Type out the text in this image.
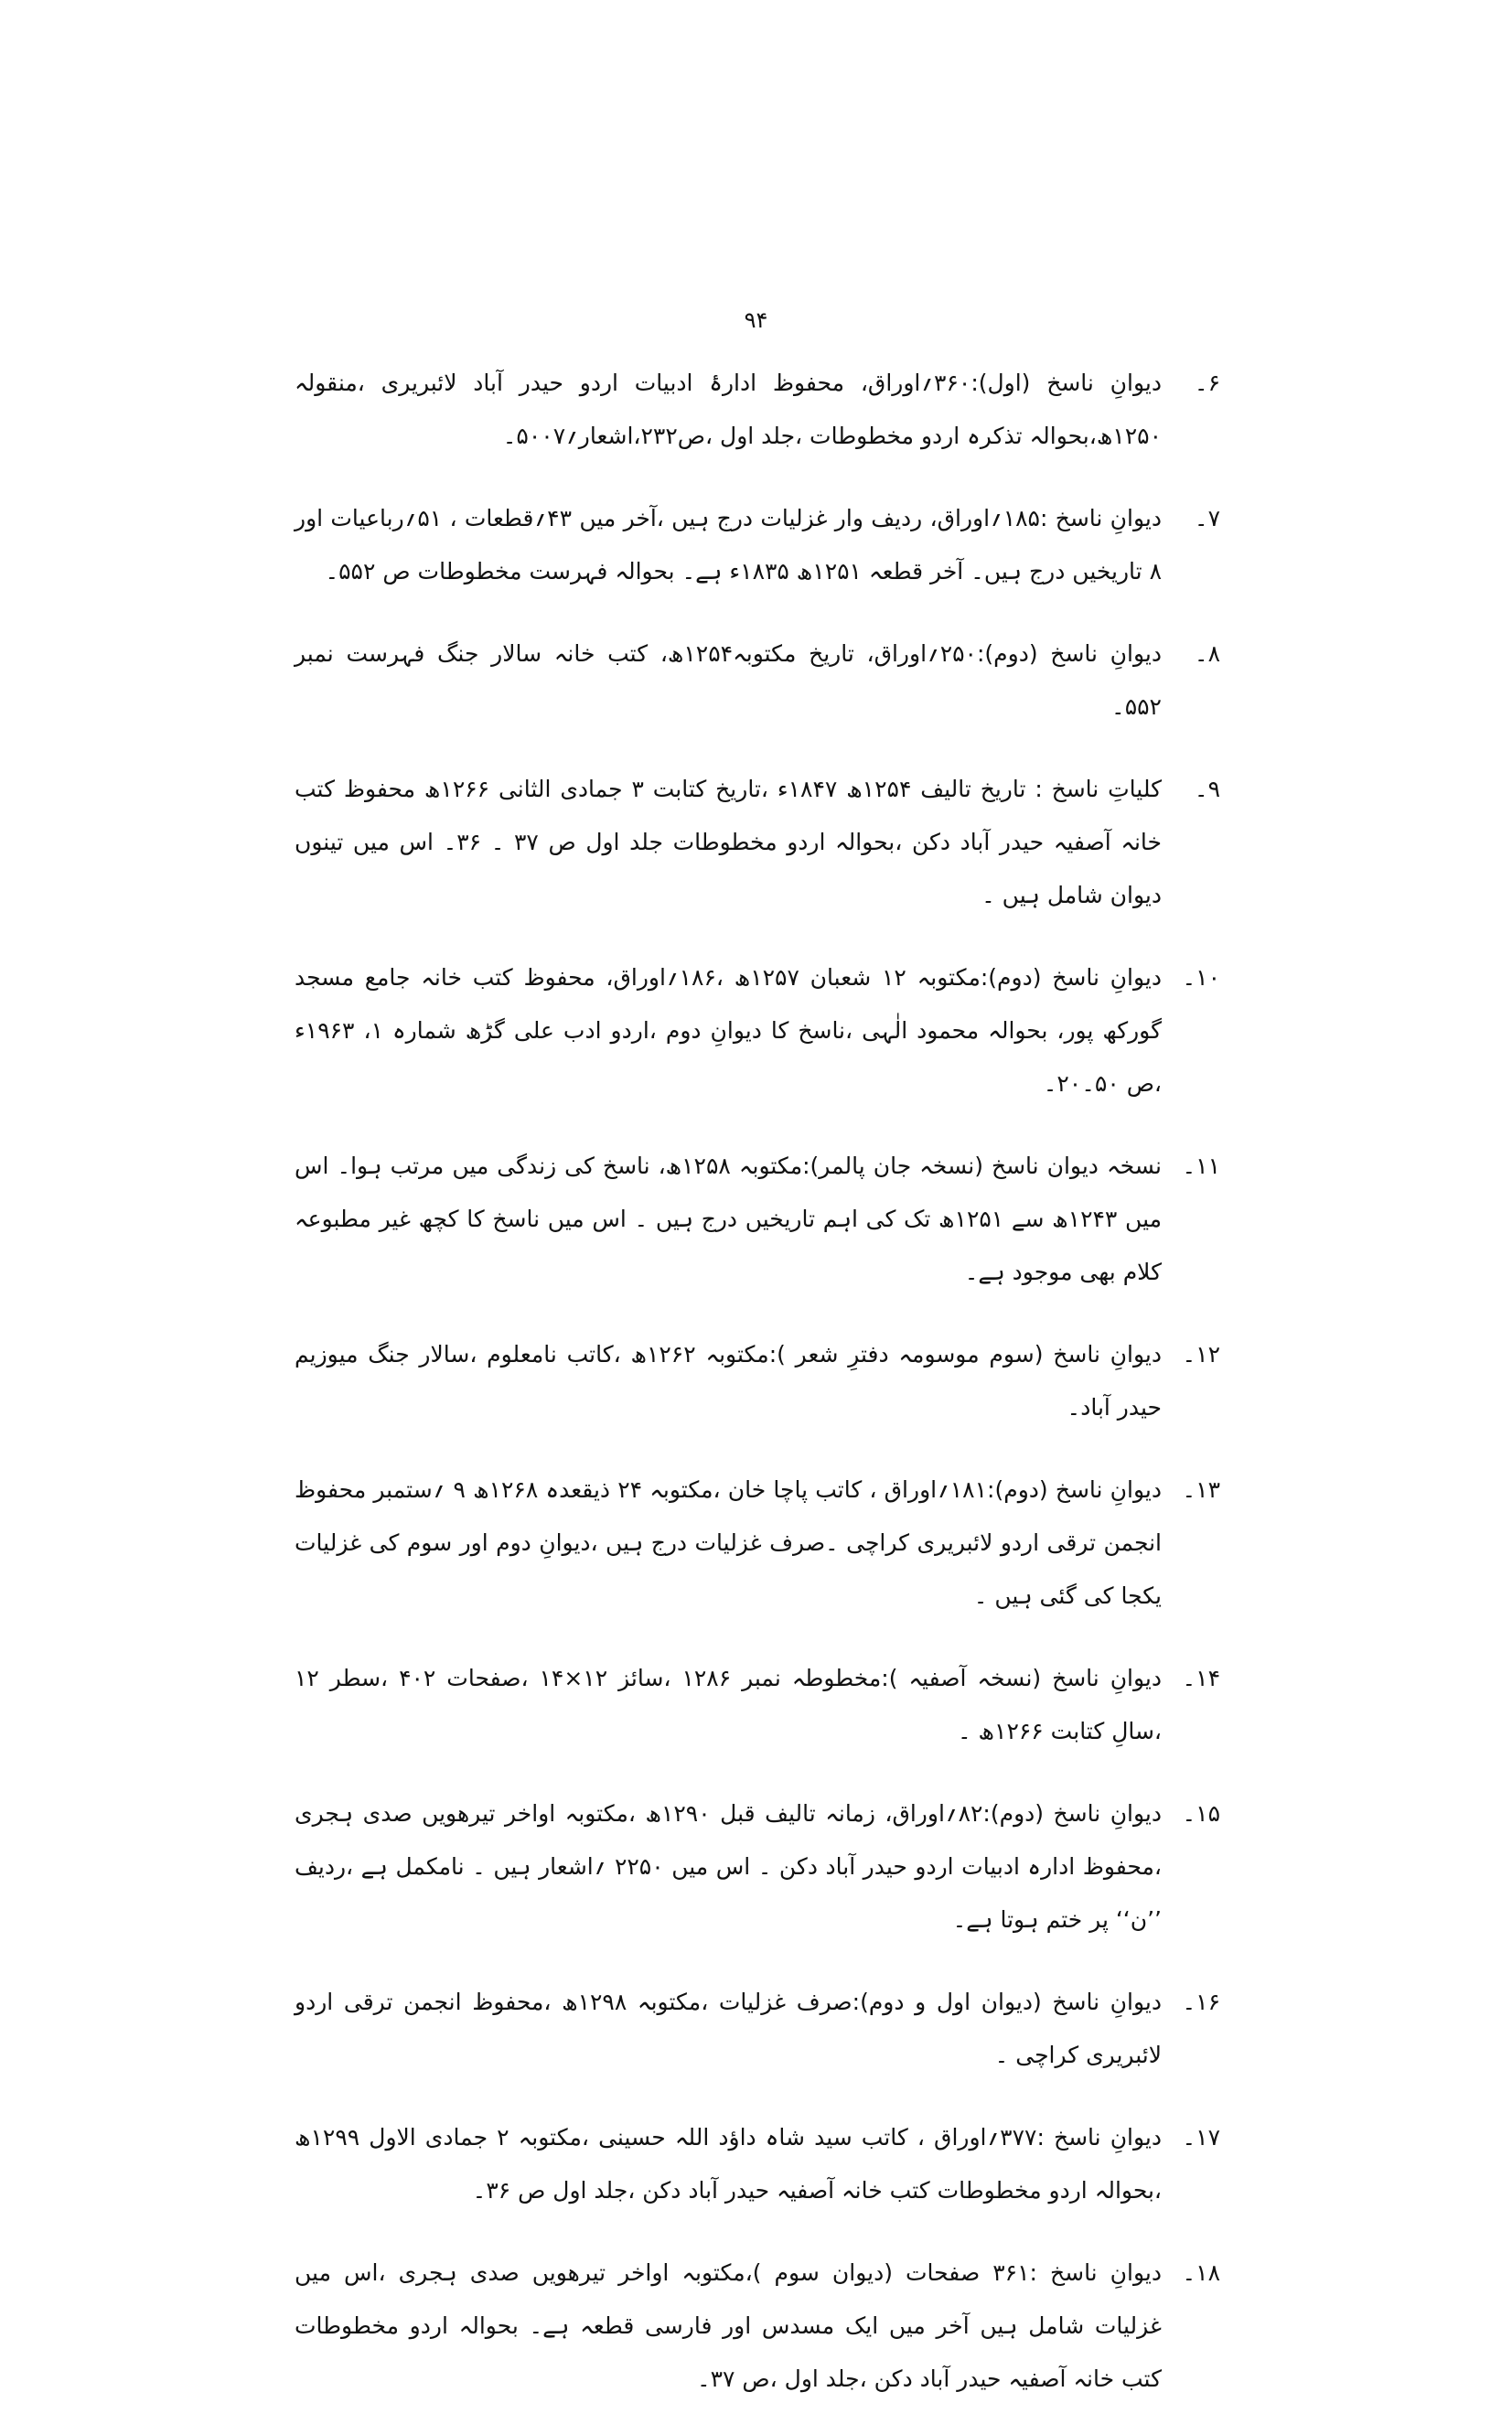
۹۴
۶۔
دیوانِ ناسخ (اول):۳۶۰؍اوراق، محفوظ ادارۂ ادبیات اردو حیدر آباد لائبریری ،منقولہ ۱۲۵۰ھ،بحوالہ تذکرہ اردو مخطوطات ،جلد اول ،ص۲۳۲،اشعار؍۵۰۰۷۔
۷۔
دیوانِ ناسخ :۱۸۵؍اوراق، ردیف وار غزلیات درج ہیں ،آخر میں ۴۳؍قطعات ، ۵۱؍رباعیات اور ۸ تاریخیں درج ہیں۔ آخر قطعہ ۱۲۵۱ھ ۱۸۳۵ء ہے۔ بحوالہ فہرست مخطوطات ص ۵۵۲۔
۸۔
دیوانِ ناسخ (دوم):۲۵۰؍اوراق، تاریخ مکتوبہ۱۲۵۴ھ، کتب خانہ سالار جنگ فہرست نمبر ۵۵۲۔
۹۔
کلیاتِ ناسخ : تاریخ تالیف ۱۲۵۴ھ ۱۸۴۷ء ،تاریخ کتابت ۳ جمادی الثانی ۱۲۶۶ھ محفوظ کتب خانہ آصفیہ حیدر آباد دکن ،بحوالہ اردو مخطوطات جلد اول ص ۳۷ ۔ ۳۶۔ اس میں تینوں دیوان شامل ہیں ۔
۱۰۔
دیوانِ ناسخ (دوم):مکتوبہ ۱۲ شعبان ۱۲۵۷ھ ،۱۸۶؍اوراق، محفوظ کتب خانہ جامع مسجد گورکھ پور، بحوالہ محمود الٰہی ،ناسخ کا دیوانِ دوم ،اردو ادب علی گڑھ شمارہ ۱، ۱۹۶۳ء ،ص ۵۰۔۲۰۔
۱۱۔
نسخہ دیوان ناسخ (نسخہ جان پالمر):مکتوبہ ۱۲۵۸ھ، ناسخ کی زندگی میں مرتب ہوا۔ اس میں ۱۲۴۳ھ سے ۱۲۵۱ھ تک کی اہم تاریخیں درج ہیں ۔ اس میں ناسخ کا کچھ غیر مطبوعہ کلام بھی موجود ہے۔
۱۲۔
دیوانِ ناسخ (سوم موسومہ دفترِ شعر ):مکتوبہ ۱۲۶۲ھ ،کاتب نامعلوم ،سالار جنگ میوزیم حیدر آباد۔
۱۳۔
دیوانِ ناسخ (دوم):۱۸۱؍اوراق ، کاتب پاچا خان ،مکتوبہ ۲۴ ذیقعدہ ۱۲۶۸ھ ۹ ؍ستمبر محفوظ انجمن ترقی اردو لائبریری کراچی ۔صرف غزلیات درج ہیں ،دیوانِ دوم اور سوم کی غزلیات یکجا کی گئی ہیں ۔
۱۴۔
دیوانِ ناسخ (نسخہ آصفیہ ):مخطوطہ نمبر ۱۲۸۶ ،سائز ۱۲×۱۴ ،صفحات ۴۰۲ ،سطر ۱۲ ،سالِ کتابت ۱۲۶۶ھ ۔
۱۵۔
دیوانِ ناسخ (دوم):۸۲؍اوراق، زمانہ تالیف قبل ۱۲۹۰ھ ،مکتوبہ اواخر تیرھویں صدی ہجری ،محفوظ ادارہ ادبیات اردو حیدر آباد دکن ۔ اس میں ۲۲۵۰ ؍اشعار ہیں ۔ نامکمل ہے ،ردیف ’’ن‘‘ پر ختم ہوتا ہے۔
۱۶۔
دیوانِ ناسخ (دیوان اول و دوم):صرف غزلیات ،مکتوبہ ۱۲۹۸ھ ،محفوظ انجمن ترقی اردو لائبریری کراچی ۔
۱۷۔
دیوانِ ناسخ :۳۷۷؍اوراق ، کاتب سید شاہ داؤد اللہ حسینی ،مکتوبہ ۲ جمادی الاول ۱۲۹۹ھ ،بحوالہ اردو مخطوطات کتب خانہ آصفیہ حیدر آباد دکن ،جلد اول ص ۳۶۔
۱۸۔
دیوانِ ناسخ :۳۶۱ صفحات (دیوان سوم )،مکتوبہ اواخر تیرھویں صدی ہجری ،اس میں غزلیات شامل ہیں آخر میں ایک مسدس اور فارسی قطعہ ہے۔ بحوالہ اردو مخطوطات کتب خانہ آصفیہ حیدر آباد دکن ،جلد اول ،ص ۳۷۔
